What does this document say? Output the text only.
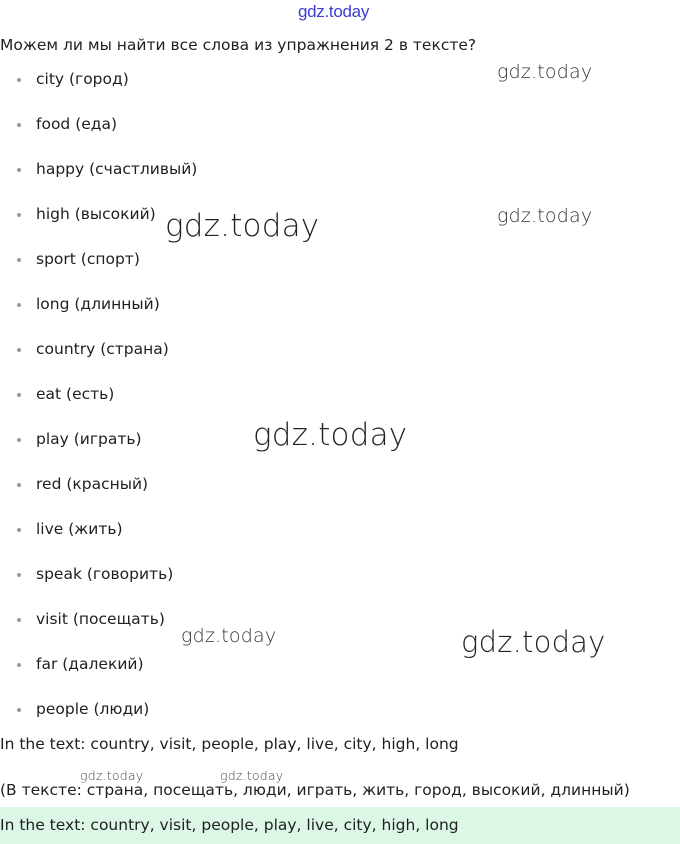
gdz.today
Можем ли мы найти все слова из упражнения 2 в тексте?
city (город)
food (еда)
happy (счастливый)
high (высокий)
sport (спорт)
long (длинный)
country (страна)
eat (есть)
play (играть)
red (красный)
live (жить)
speak (говорить)
visit (посещать)
far (далекий)
people (люди)
In the text: country, visit, people, play, live, city, high, long
(В тексте: страна, посещать, люди, играть, жить, город, высокий, длинный)
In the text: country, visit, people, play, live, city, high, long
gdz.today
gdz.today	gdz.today
gdz.today
gdz.today	gdz.today
gdz.today	gdz.today
